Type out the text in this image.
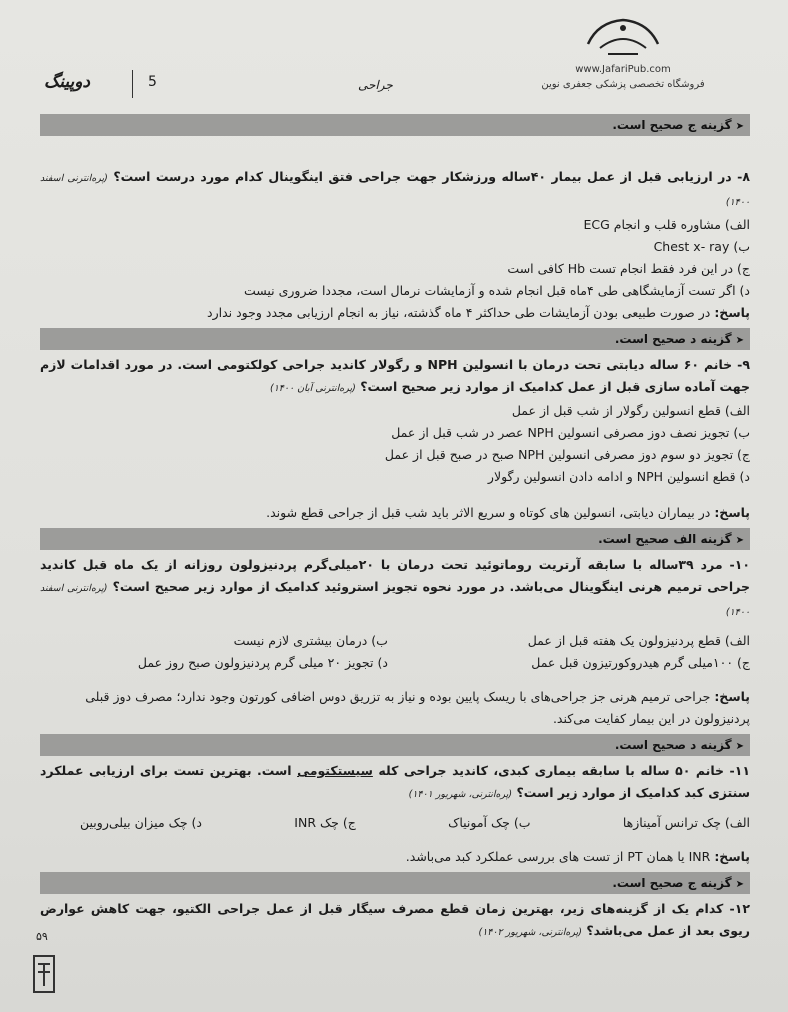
www.JafariPub.com
فروشگاه تخصصی پزشکی جعفری نوین
دوپینگ	5	جراحی
➤گزینه ج صحیح است.

۸- در ارزیابی قبل از عمل بیمار ۴۰ساله ورزشکار جهت جراحی فتق اینگوینال کدام مورد درست است؟ (پره‌انترنی اسفند ۱۴۰۰)

الف) مشاوره قلب و انجام ECG

ب) Chest x- ray

ج) در این فرد فقط انجام تست Hb کافی است

د) اگر تست آزمایشگاهی طی ۴ماه قبل انجام شده و آزمایشات نرمال است، مجددا ضروری نیست

پاسخ: در صورت طبیعی بودن آزمایشات طی حداکثر ۴ ماه گذشته، نیاز به انجام ارزیابی مجدد وجود ندارد

➤گزینه د صحیح است.

۹- خانم ۶۰ ساله دیابتی تحت درمان با انسولین NPH و رگولار کاندید جراحی کولکتومی است. در مورد اقدامات لازم جهت آماده سازی قبل از عمل کدامیک از موارد زیر صحیح است؟ (پره‌انترنی آبان ۱۴۰۰)

الف) قطع انسولین رگولار از شب قبل از عمل

ب) تجویز نصف دوز مصرفی انسولین NPH عصر در شب قبل از عمل

ج) تجویز دو سوم دوز مصرفی انسولین NPH صبح در صبح قبل از عمل

د) قطع انسولین NPH و ادامه دادن انسولین رگولار

پاسخ: در بیماران دیابتی، انسولین های کوتاه و سریع الاثر باید شب قبل از جراحی قطع شوند.

➤گزینه الف صحیح است.

۱۰- مرد ۳۹ساله با سابقه آرتریت روماتوئید تحت درمان با ۲۰میلی‌گرم پردنیزولون روزانه از یک ماه قبل کاندید جراحی ترمیم هرنی اینگوینال می‌باشد. در مورد نحوه تجویز استروئید کدامیک از موارد زیر صحیح است؟ (پره‌انترنی اسفند ۱۴۰۰)

الف) قطع پردنیزولون یک هفته قبل از عمل
ب) درمان بیشتری لازم نیست
ج) ۱۰۰میلی گرم هیدروکورتیزون قبل عمل
د) تجویز ۲۰ میلی گرم پردنیزولون صبح روز عمل

پاسخ: جراحی ترمیم هرنی جز جراحی‌های با ریسک پایین بوده و نیاز به تزریق دوس اضافی کورتون وجود ندارد؛ مصرف دوز قبلی پردنیزولون در این بیمار کفایت می‌کند.

➤گزینه د صحیح است.

۱۱- خانم ۵۰ ساله با سابقه بیماری کبدی، کاندید جراحی کله سیستکتومی است. بهترین تست برای ارزیابی عملکرد سنتزی کبد کدامیک از موارد زیر است؟ (پره‌انترنی، شهریور ۱۴۰۱)

الف) چک ترانس آمینازها
ب) چک آمونیاک
ج) چک INR
د) چک میزان بیلی‌روبین

پاسخ: INR یا همان PT از تست های بررسی عملکرد کبد می‌باشد.

➤گزینه ج صحیح است.

۱۲- کدام یک از گزینه‌های زیر، بهترین زمان قطع مصرف سیگار قبل از عمل جراحی الکتیو، جهت کاهش عوارض ریوی بعد از عمل می‌باشد؟ (پره‌انترنی، شهریور ۱۴۰۲)

۵۹
